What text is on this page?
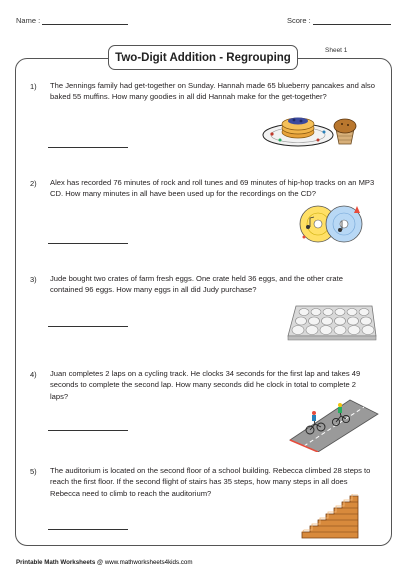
Name :	Score :
Two-Digit Addition - Regrouping
Sheet 1
1) The Jennings family had get-together on Sunday. Hannah made 65 blueberry pancakes and also baked 55 muffins. How many goodies in all did Hannah make for the get-together?
2) Alex has recorded 76 minutes of rock and roll tunes and 69 minutes of hip-hop tracks on an MP3 CD. How many minutes in all have been used up for the recordings on the CD?
3) Jude bought two crates of farm fresh eggs. One crate held 36 eggs, and the other crate contained 96 eggs. How many eggs in all did Judy purchase?
4) Juan completes 2 laps on a cycling track. He clocks 34 seconds for the first lap and takes 49 seconds to complete the second lap. How many seconds did he clock in total to complete 2 laps?
5) The auditorium is located on the second floor of a school building. Rebecca climbed 28 steps to reach the first floor. If the second flight of stairs has 35 steps, how many steps in all does Rebecca need to climb to reach the auditorium?
Printable Math Worksheets @ www.mathworksheets4kids.com
